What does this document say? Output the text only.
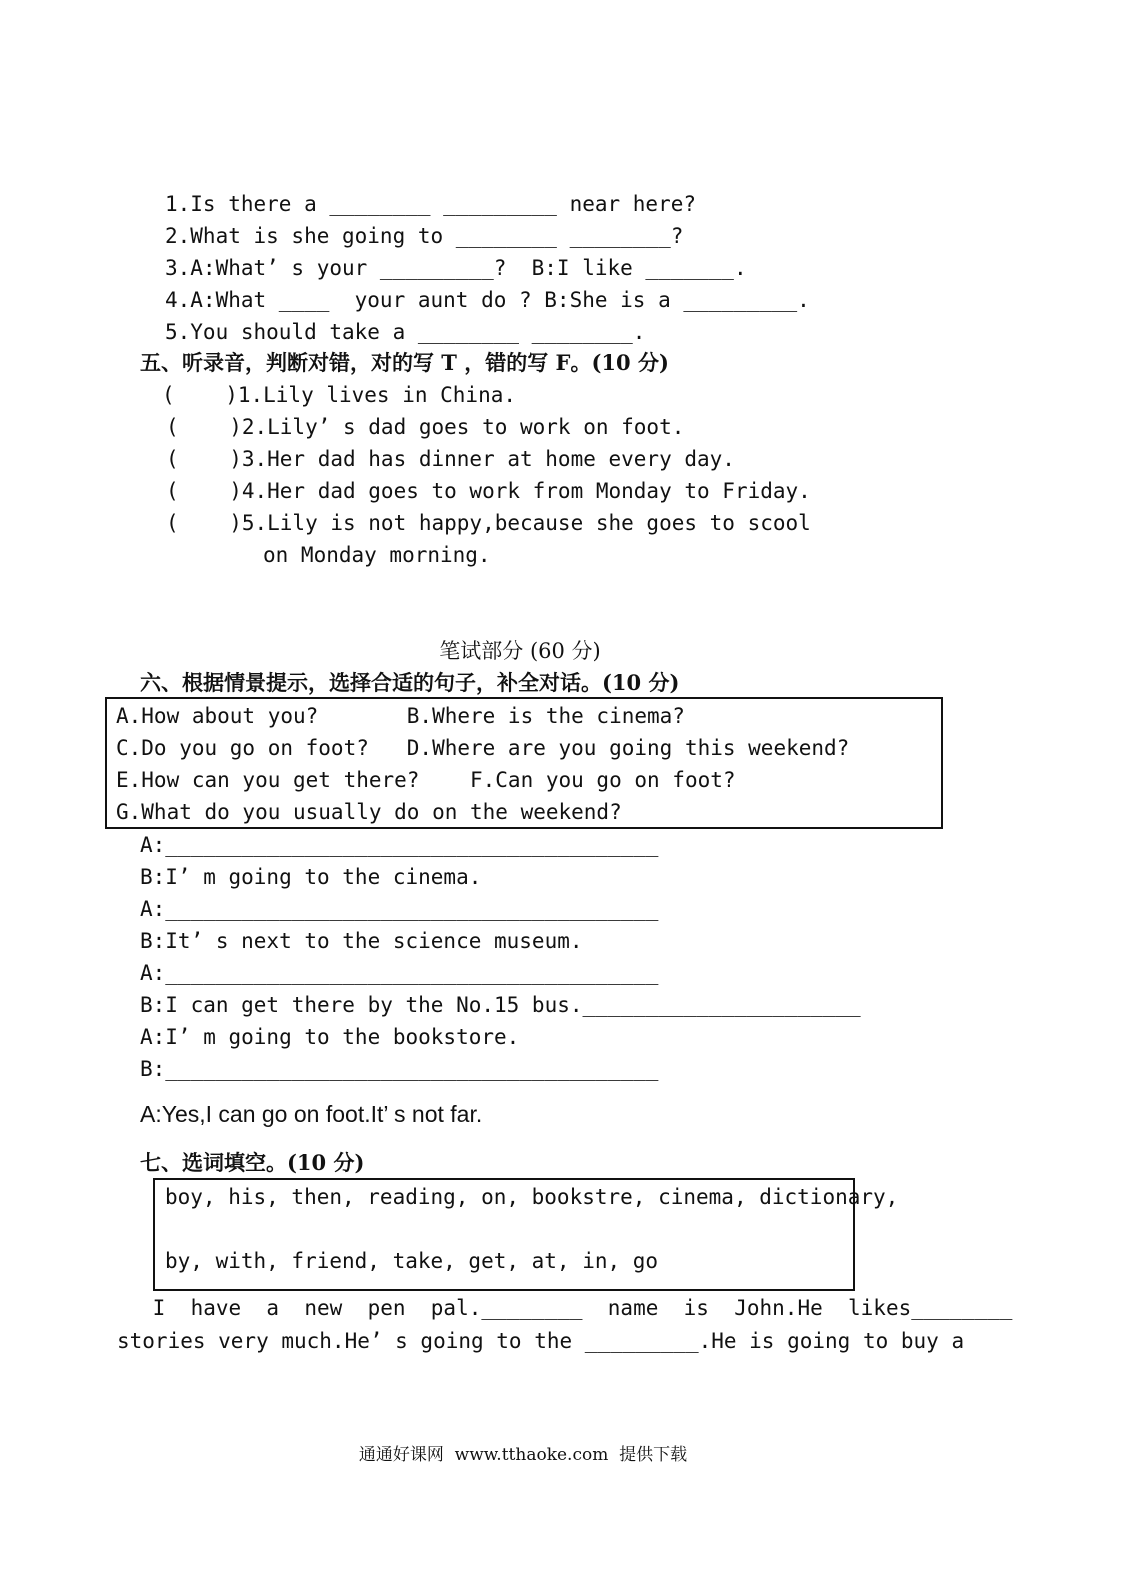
1.Is there a ________ _________ near here?
2.What is she going to ________ ________?
3.A:What’ s your _________?  B:I like _______.
4.A:What ____  your aunt do ? B:She is a _________.
5.You should take a ________ ________.
五、听录音，判断对错，对的写 T ，错的写 F。(10 分)
(    )1.Lily lives in China.
(    )2.Lily’ s dad goes to work on foot.
(    )3.Her dad has dinner at home every day.
(    )4.Her dad goes to work from Monday to Friday.
(    )5.Lily is not happy,because she goes to scool
on Monday morning.
笔试部分 (60 分)
六、根据情景提示，选择合适的句子，补全对话。(10 分)
A.How about you?       B.Where is the cinema?
C.Do you go on foot?   D.Where are you going this weekend?
E.How can you get there?    F.Can you go on foot?
G.What do you usually do on the weekend?
A:_______________________________________
B:I’ m going to the cinema.
A:_______________________________________
B:It’ s next to the science museum.
A:_______________________________________
B:I can get there by the No.15 bus.______________________
A:I’ m going to the bookstore.
B:_______________________________________
A:Yes,I can go on foot.It’ s not far.
七、选词填空。(10 分)
boy, his, then, reading, on, bookstre, cinema, dictionary,
by, with, friend, take, get, at, in, go
I  have  a  new  pen  pal.________  name  is  John.He  likes________
stories very much.He’ s going to the _________.He is going to buy a
通通好课网  www.tthaoke.com  提供下载
